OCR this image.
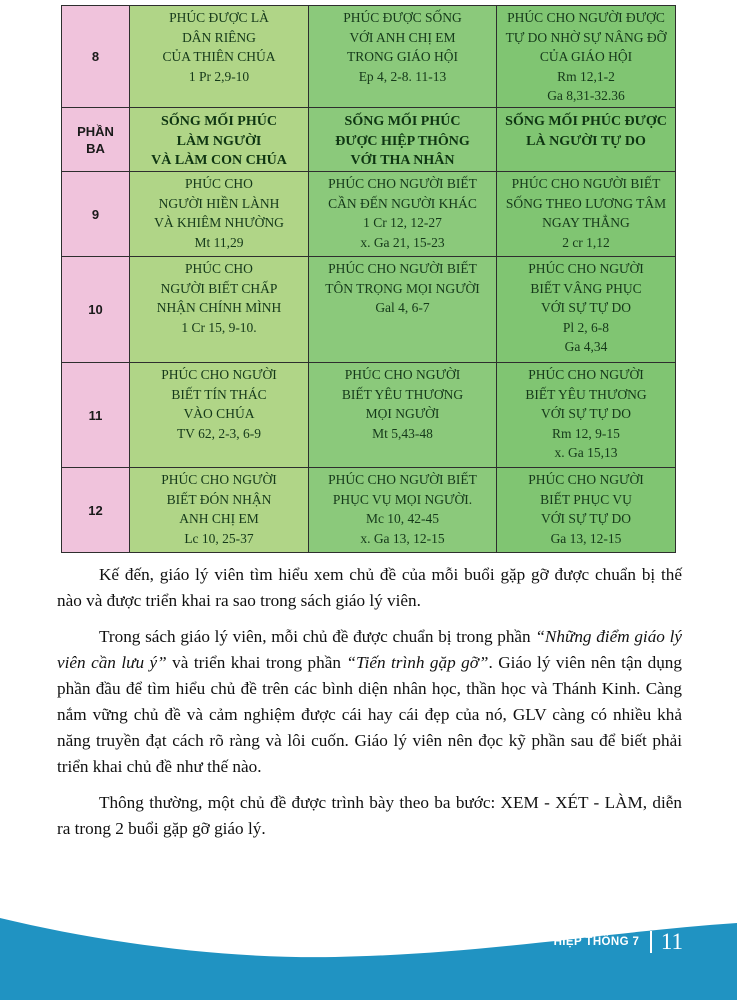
8	PHÚC ĐƯỢC LÀ
DÂN RIÊNG
CỦA THIÊN CHÚA
1 Pr 2,9-10	PHÚC ĐƯỢC SỐNG
VỚI ANH CHỊ EM
TRONG GIÁO HỘI
Ep 4, 2-8. 11-13	PHÚC CHO NGƯỜI ĐƯỢC
TỰ DO NHỜ SỰ NÂNG ĐỠ
CỦA GIÁO HỘI
Rm 12,1-2
Ga 8,31-32.36
PHẦN
BA	SỐNG MỐI PHÚC
LÀM NGƯỜI
VÀ LÀM CON CHÚA	SỐNG MỐI PHÚC
ĐƯỢC HIỆP THÔNG
VỚI THA NHÂN	SỐNG MỐI PHÚC ĐƯỢC
LÀ NGƯỜI TỰ DO
9	PHÚC CHO
NGƯỜI HIỀN LÀNH
VÀ KHIÊM NHƯỜNG
Mt 11,29	PHÚC CHO NGƯỜI BIẾT
CẦN ĐẾN NGƯỜI KHÁC
1 Cr 12, 12-27
x. Ga 21, 15-23	PHÚC CHO NGƯỜI BIẾT
SỐNG THEO LƯƠNG TÂM
NGAY THẲNG
2 cr 1,12
10	PHÚC CHO
NGƯỜI BIẾT CHẤP
NHẬN CHÍNH MÌNH
1 Cr 15, 9-10.	PHÚC CHO NGƯỜI BIẾT
TÔN TRỌNG MỌI NGƯỜI
Gal 4, 6-7	PHÚC CHO NGƯỜI
BIẾT VÂNG PHỤC
VỚI SỰ TỰ DO
Pl 2, 6-8
Ga 4,34
11	PHÚC CHO NGƯỜI
BIẾT TÍN THÁC
VÀO CHÚA
TV 62, 2-3, 6-9	PHÚC CHO NGƯỜI
BIẾT YÊU THƯƠNG
MỌI NGƯỜI
Mt 5,43-48	PHÚC CHO NGƯỜI
BIẾT YÊU THƯƠNG
VỚI SỰ TỰ DO
Rm 12, 9-15
x. Ga 15,13
12	PHÚC CHO NGƯỜI
BIẾT ĐÓN NHẬN
ANH CHỊ EM
Lc 10, 25-37	PHÚC CHO NGƯỜI BIẾT
PHỤC VỤ MỌI NGƯỜI.
Mc 10, 42-45
x. Ga 13, 12-15	PHÚC CHO NGƯỜI
BIẾT PHỤC VỤ
VỚI SỰ TỰ DO
Ga 13, 12-15

Kế đến, giáo lý viên tìm hiểu xem chủ đề của mỗi buổi gặp gỡ được chuẩn bị thế nào và được triển khai ra sao trong sách giáo lý viên.

Trong sách giáo lý viên, mỗi chủ đề được chuẩn bị trong phần “Những điểm giáo lý viên cần lưu ý” và triển khai trong phần “Tiến trình gặp gỡ”. Giáo lý viên nên tận dụng phần đầu để tìm hiểu chủ đề trên các bình diện nhân học, thần học và Thánh Kinh. Càng nắm vững chủ đề và cảm nghiệm được cái hay cái đẹp của nó, GLV càng có nhiều khả năng truyền đạt cách rõ ràng và lôi cuốn. Giáo lý viên nên đọc kỹ phần sau để biết phải triển khai chủ đề như thế nào.

Thông thường, một chủ đề được trình bày theo ba bước: XEM - XÉT - LÀM, diễn ra trong 2 buổi gặp gỡ giáo lý.

HIỆP THÔNG 7 11
